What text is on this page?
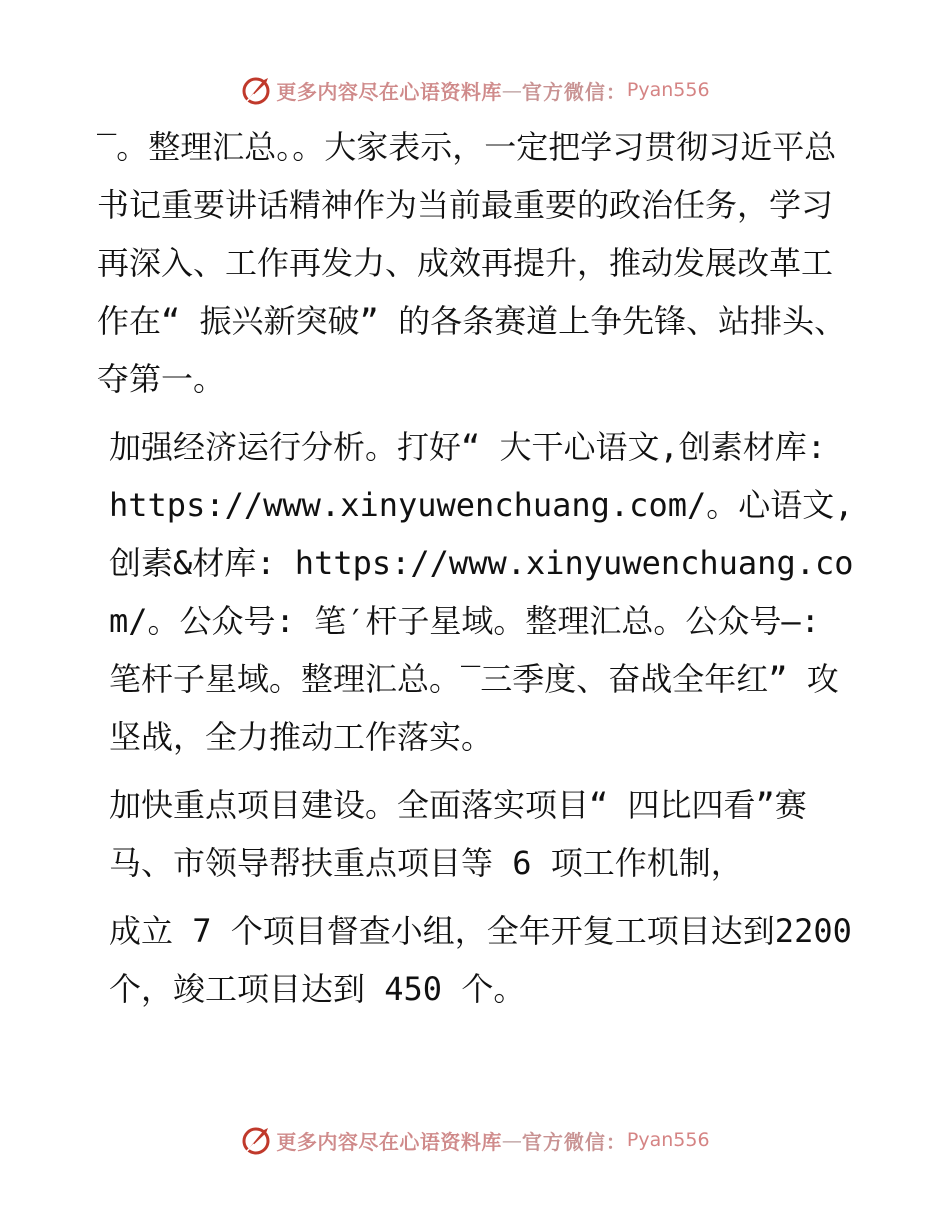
更多内容尽在心语资料库 — 官方微信： Pyan556

‾。整理汇总。。大家表示，一定把学习贯彻习近平总书记重要讲话精神作为当前最重要的政治任务，学习再深入、工作再发力、成效再提升，推动发展改革工作在“ 振兴新突破” 的各条赛道上争先锋、站排头、夺第一。

加强经济运行分析。打好“ 大干心语文,创素材库: https://www.xinyuwenchuang.com/。心语文,创素&材库: https://www.xinyuwenchuang.com/。公众号: 笔′杆子星域。整理汇总。公众号—: 笔杆子星域。整理汇总。‾三季度、奋战全年红” 攻坚战，全力推动工作落实。

加快重点项目建设。全面落实项目“ 四比四看”赛马、市领导帮扶重点项目等 6 项工作机制，

成立 7 个项目督查小组，全年开复工项目达到2200 个，竣工项目达到 450 个。

更多内容尽在心语资料库 — 官方微信： Pyan556
